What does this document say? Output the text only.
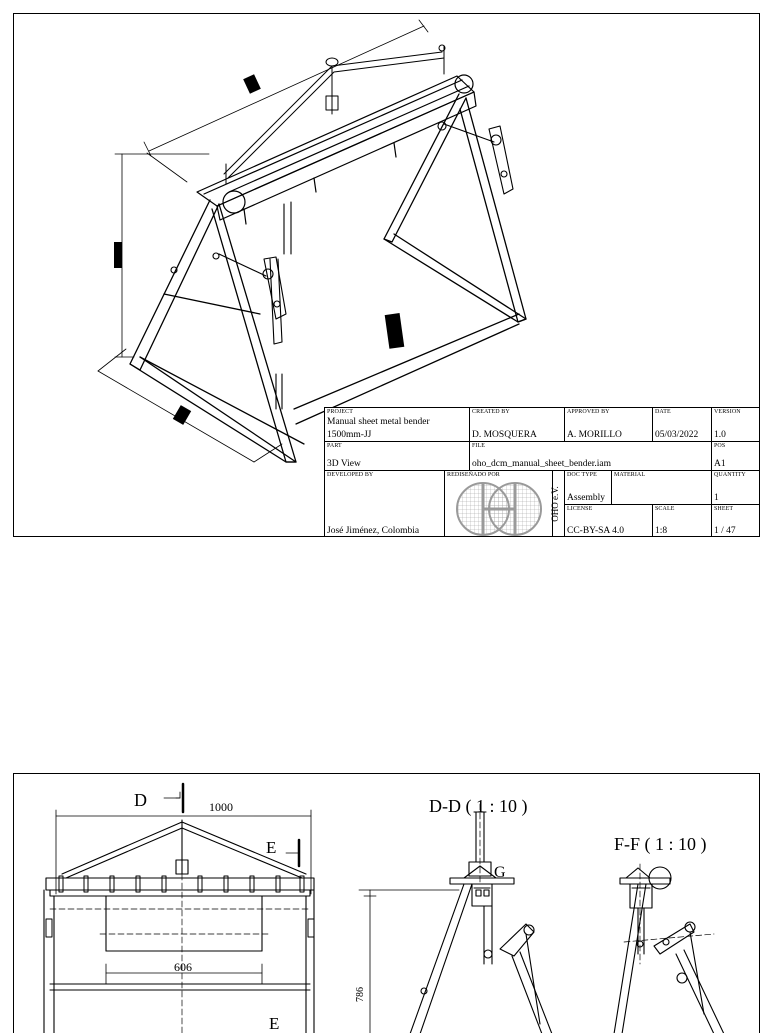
PROJECT
Manual sheet metal bender
1500mm-JJ
CREATED BY
D. MOSQUERA
APPROVED BY
A. MORILLO
DATE
05/03/2022
VERSION
1.0
PART
3D View
FILE
oho_dcm_manual_sheet_bender.iam
POS
A1
DEVELOPED BY
José Jiménez, Colombia
REDISEÑADO POR
OHO e.V.
DOC TYPE
Assembly
MATERIAL	QUANTITY
1
LICENSE
CC-BY-SA 4.0
SCALE
1:8
SHEET
1 / 47
D	1000
E
606
E
D-D ( 1 : 10 )
G
786
F-F ( 1 : 10 )
